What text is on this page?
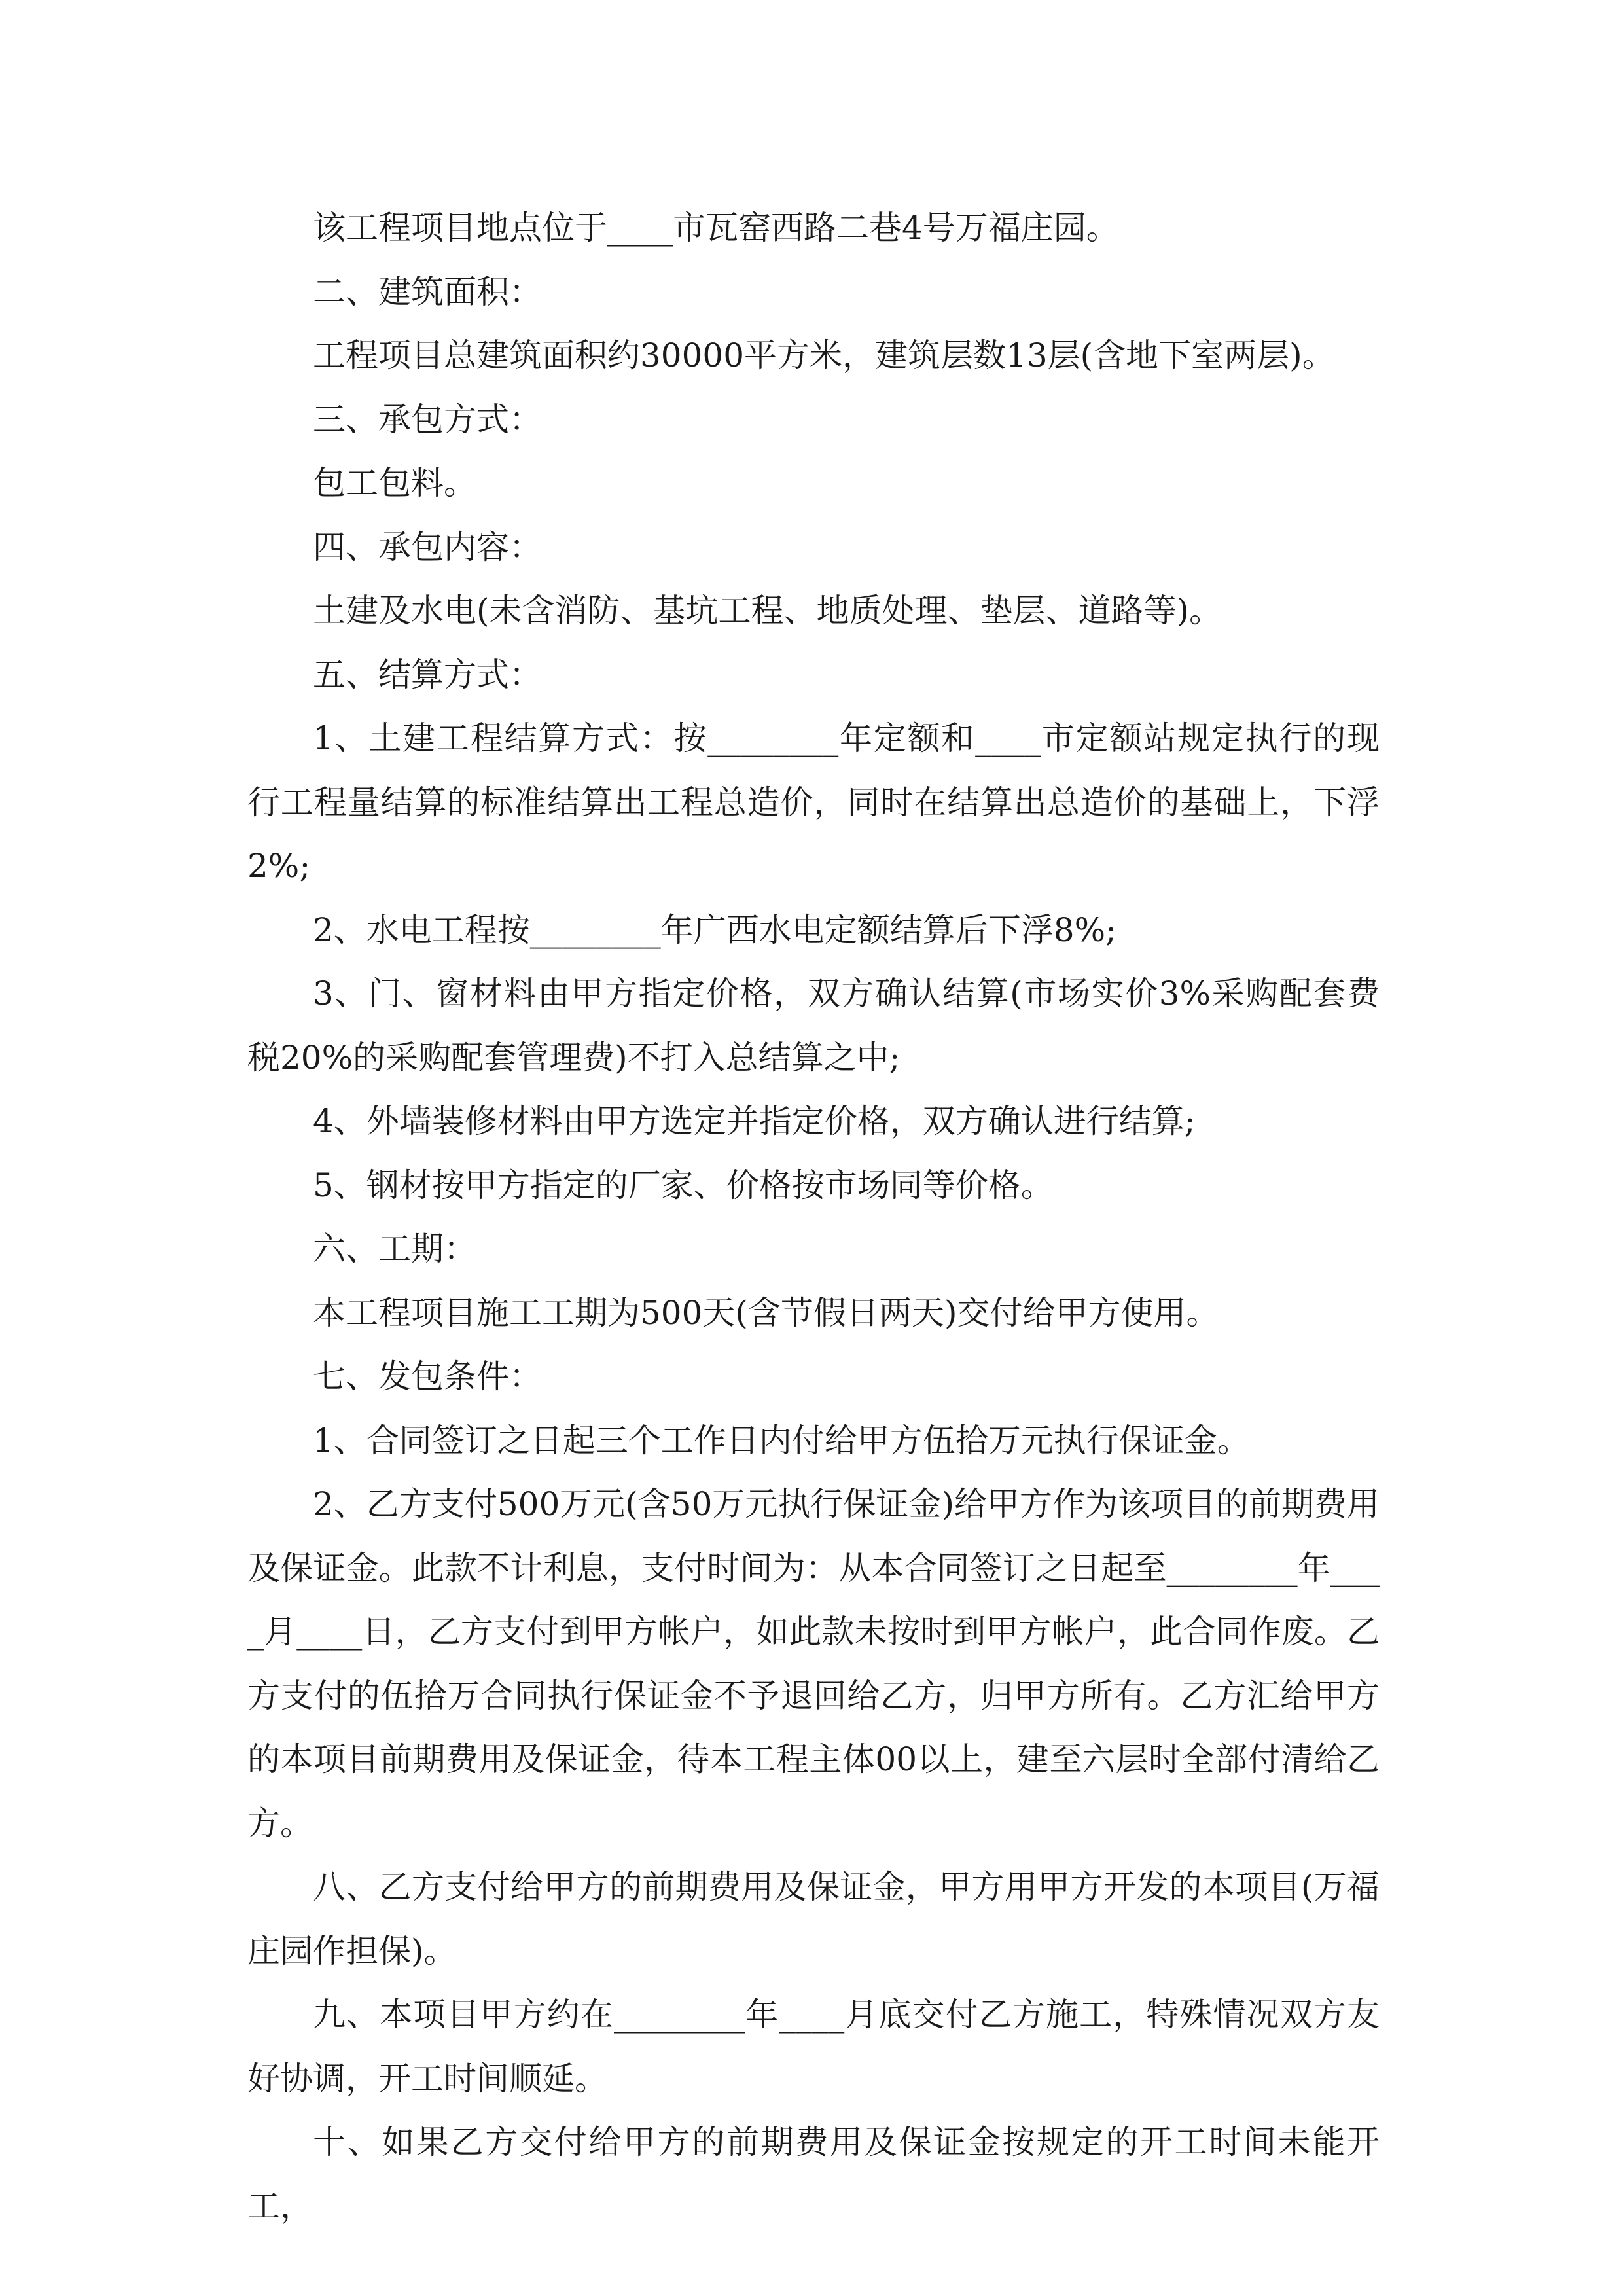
该工程项目地点位于____市瓦窑西路二巷4号万福庄园。

二、建筑面积：

工程项目总建筑面积约30000平方米，建筑层数13层(含地下室两层)。

三、承包方式：

包工包料。

四、承包内容：

土建及水电(未含消防、基坑工程、地质处理、垫层、道路等)。

五、结算方式：

1、土建工程结算方式：按________年定额和____市定额站规定执行的现行工程量结算的标准结算出工程总造价，同时在结算出总造价的基础上，下浮2%;

2、水电工程按________年广西水电定额结算后下浮8%;

3、门、窗材料由甲方指定价格，双方确认结算(市场实价3%采购配套费税20%的采购配套管理费)不打入总结算之中;

4、外墙装修材料由甲方选定并指定价格，双方确认进行结算;

5、钢材按甲方指定的厂家、价格按市场同等价格。

六、工期：

本工程项目施工工期为500天(含节假日两天)交付给甲方使用。

七、发包条件：

1、合同签订之日起三个工作日内付给甲方伍拾万元执行保证金。

2、乙方支付500万元(含50万元执行保证金)给甲方作为该项目的前期费用及保证金。此款不计利息，支付时间为：从本合同签订之日起至________年____月____日，乙方支付到甲方帐户，如此款未按时到甲方帐户，此合同作废。乙方支付的伍拾万合同执行保证金不予退回给乙方，归甲方所有。乙方汇给甲方的本项目前期费用及保证金，待本工程主体00以上，建至六层时全部付清给乙方。

八、乙方支付给甲方的前期费用及保证金，甲方用甲方开发的本项目(万福庄园作担保)。

九、本项目甲方约在________年____月底交付乙方施工，特殊情况双方友好协调，开工时间顺延。

十、如果乙方交付给甲方的前期费用及保证金按规定的开工时间未能开工，
